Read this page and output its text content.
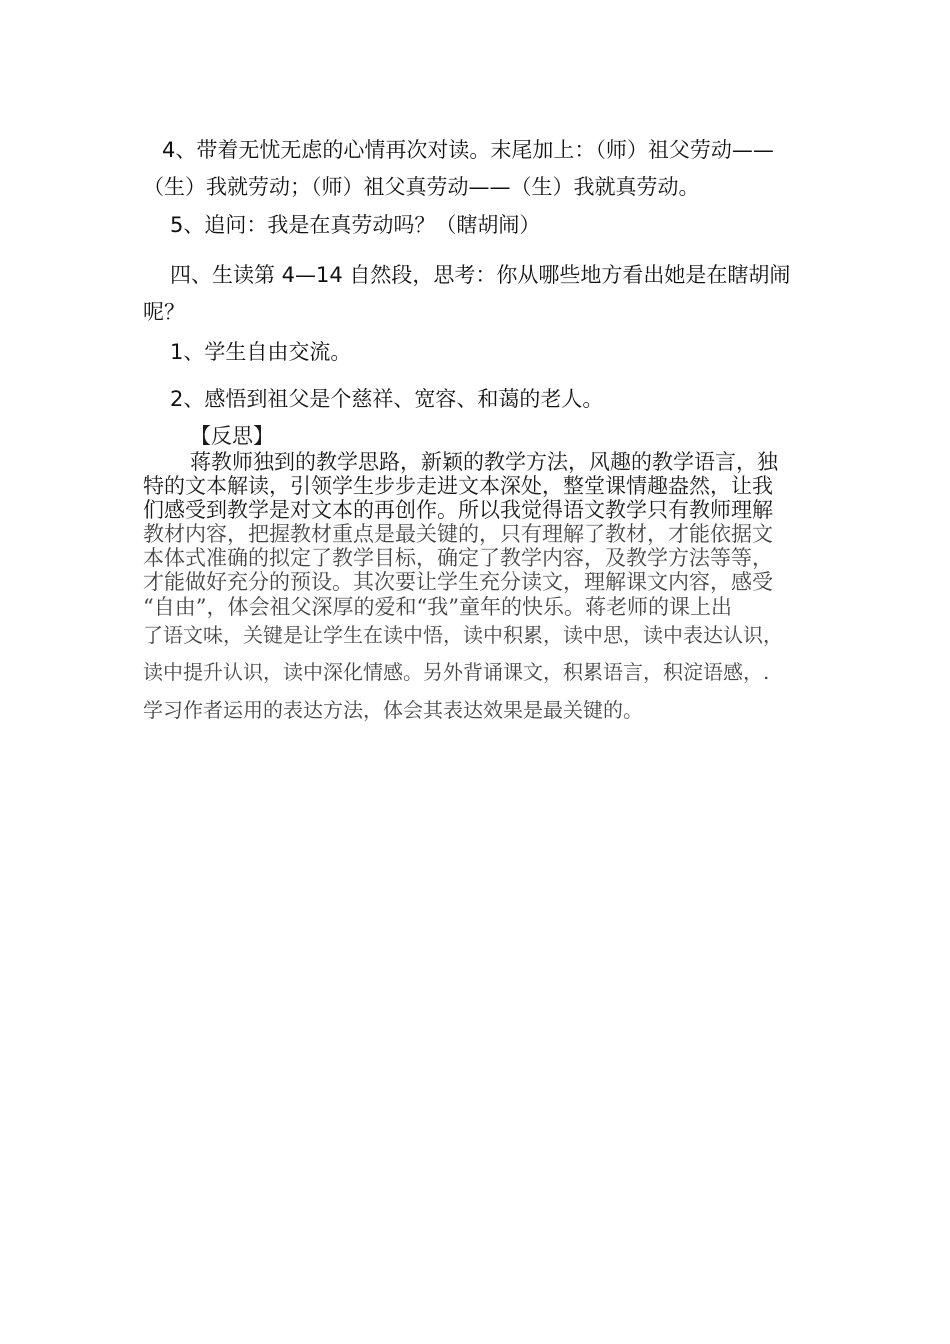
4、带着无忧无虑的心情再次对读。末尾加上：（师）祖父劳动——
（生）我就劳动；（师）祖父真劳动——（生）我就真劳动。
5、追问：我是在真劳动吗？（瞎胡闹）
四、生读第 4—14 自然段，思考：你从哪些地方看出她是在瞎胡闹
呢？
1、学生自由交流。
2、感悟到祖父是个慈祥、宽容、和蔼的老人。
【反思】
蒋教师独到的教学思路，新颖的教学方法，风趣的教学语言，独
特的文本解读，引领学生步步走进文本深处，整堂课情趣盎然，让我
们感受到教学是对文本的再创作。所以我觉得语文教学只有教师理解
教材内容，把握教材重点是最关键的，只有理解了教材，才能依据文
本体式准确的拟定了教学目标，确定了教学内容，及教学方法等等，
才能做好充分的预设。其次要让学生充分读文，理解课文内容，感受
“自由”，体会祖父深厚的爱和“我”童年的快乐。蒋老师的课上出
了语文味，关键是让学生在读中悟，读中积累，读中思，读中表达认识，
读中提升认识，读中深化情感。另外背诵课文，积累语言，积淀语感，.
学习作者运用的表达方法，体会其表达效果是最关键的。
